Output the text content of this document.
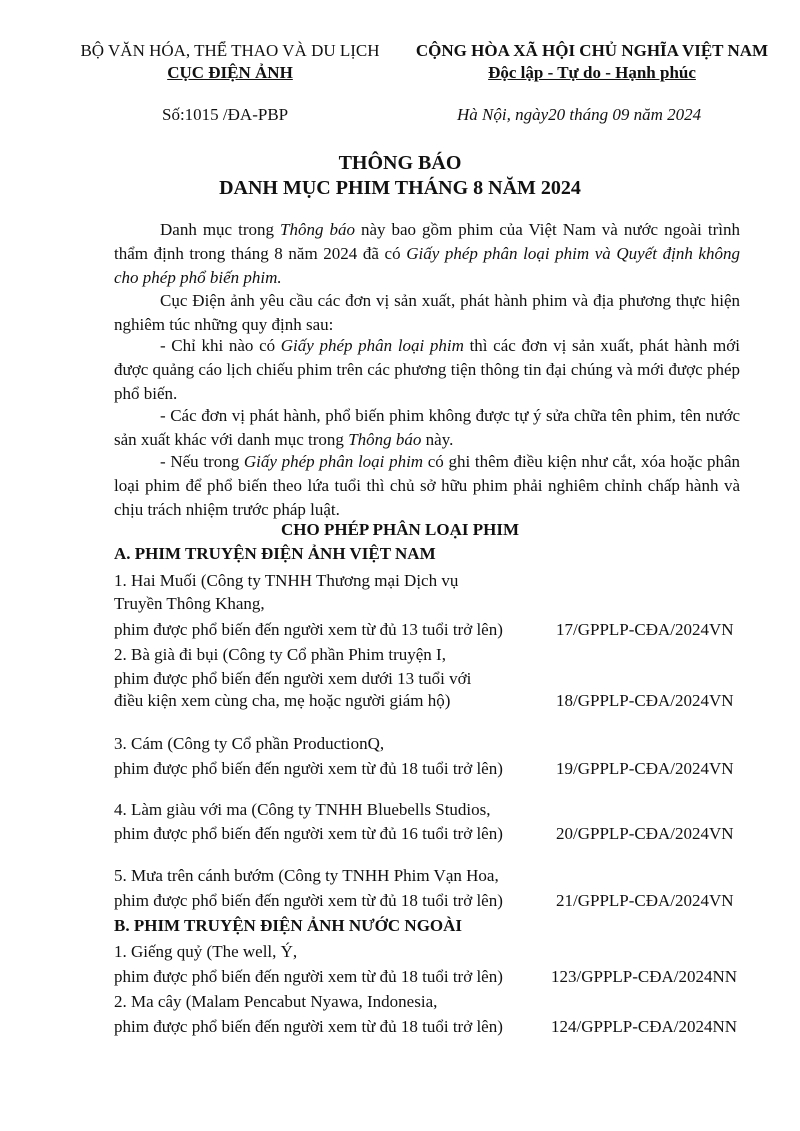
BỘ VĂN HÓA, THỂ THAO VÀ DU LỊCH
CỤC ĐIỆN ẢNH
CỘNG HÒA XÃ HỘI CHỦ NGHĨA VIỆT NAM
Độc lập - Tự do - Hạnh phúc
Số:1015 /ĐA-PBP	Hà Nội, ngày20 tháng 09 năm 2024
THÔNG BÁO
DANH MỤC PHIM THÁNG 8 NĂM 2024
Danh mục trong Thông báo này bao gồm phim của Việt Nam và nước ngoài trình thẩm định trong tháng 8 năm 2024 đã có Giấy phép phân loại phim và Quyết định không cho phép phổ biến phim.
Cục Điện ảnh yêu cầu các đơn vị sản xuất, phát hành phim và địa phương thực hiện nghiêm túc những quy định sau:
- Chỉ khi nào có Giấy phép phân loại phim thì các đơn vị sản xuất, phát hành mới được quảng cáo lịch chiếu phim trên các phương tiện thông tin đại chúng và mới được phép phổ biến.
- Các đơn vị phát hành, phổ biến phim không được tự ý sửa chữa tên phim, tên nước sản xuất khác với danh mục trong Thông báo này.
- Nếu trong Giấy phép phân loại phim có ghi thêm điều kiện như cắt, xóa hoặc phân loại phim để phổ biến theo lứa tuổi thì chủ sở hữu phim phải nghiêm chỉnh chấp hành và chịu trách nhiệm trước pháp luật.
CHO PHÉP PHÂN LOẠI PHIM
A. PHIM TRUYỆN ĐIỆN ẢNH VIỆT NAM
1. Hai Muối (Công ty TNHH Thương mại Dịch vụ
Truyền Thông Khang,
phim được phổ biến đến người xem từ đủ 13 tuổi trở lên)	17/GPPLP-CĐA/2024VN
2. Bà già đi bụi (Công ty Cổ phần Phim truyện I,
phim được phổ biến đến người xem dưới 13 tuổi với
điều kiện xem cùng cha, mẹ hoặc người giám hộ)	18/GPPLP-CĐA/2024VN
3. Cám (Công ty Cổ phần ProductionQ,
phim được phổ biến đến người xem từ đủ 18 tuổi trở lên)	19/GPPLP-CĐA/2024VN
4. Làm giàu với ma (Công ty TNHH Bluebells Studios,
phim được phổ biến đến người xem từ đủ 16 tuổi trở lên)	20/GPPLP-CĐA/2024VN
5. Mưa trên cánh bướm (Công ty TNHH Phim Vạn Hoa,
phim được phổ biến đến người xem từ đủ 18 tuổi trở lên)	21/GPPLP-CĐA/2024VN
B. PHIM TRUYỆN ĐIỆN ẢNH NƯỚC NGOÀI
1. Giếng quỷ (The well, Ý,
phim được phổ biến đến người xem từ đủ 18 tuổi trở lên)	123/GPPLP-CĐA/2024NN
2. Ma cây (Malam Pencabut Nyawa, Indonesia,
phim được phổ biến đến người xem từ đủ 18 tuổi trở lên)	124/GPPLP-CĐA/2024NN
